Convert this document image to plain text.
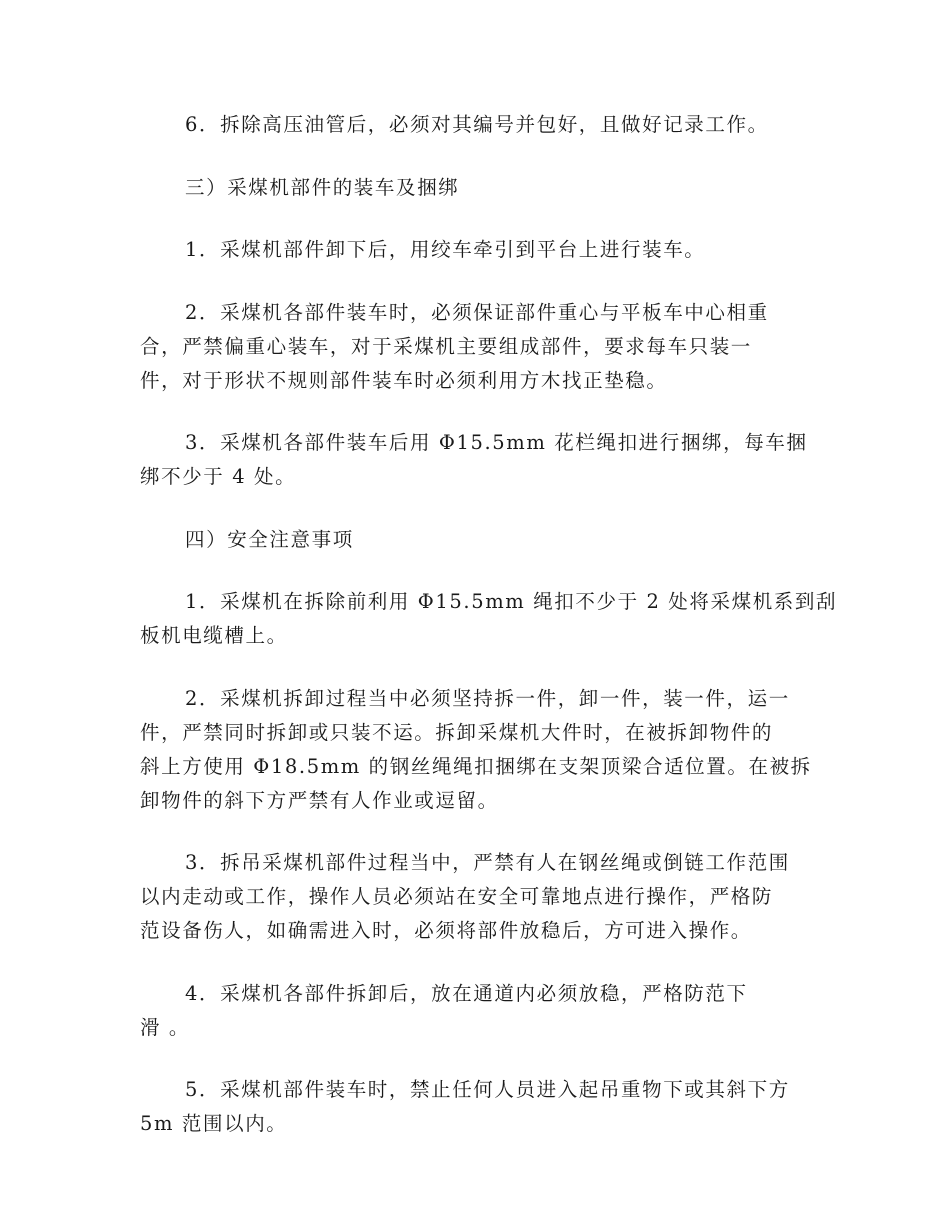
6．拆除高压油管后，必须对其编号并包好，且做好记录工作。
三）采煤机部件的装车及捆绑
1．采煤机部件卸下后，用绞车牵引到平台上进行装车。
2．采煤机各部件装车时，必须保证部件重心与平板车中心相重
合，严禁偏重心装车，对于采煤机主要组成部件，要求每车只装一
件，对于形状不规则部件装车时必须利用方木找正垫稳。
3．采煤机各部件装车后用 Φ15.5mm 花栏绳扣进行捆绑，每车捆
绑不少于 4 处。
四）安全注意事项
1．采煤机在拆除前利用 Φ15.5mm 绳扣不少于 2 处将采煤机系到刮
板机电缆槽上。
2．采煤机拆卸过程当中必须坚持拆一件，卸一件，装一件，运一
件，严禁同时拆卸或只装不运。拆卸采煤机大件时，在被拆卸物件的
斜上方使用 Φ18.5mm 的钢丝绳绳扣捆绑在支架顶梁合适位置。在被拆
卸物件的斜下方严禁有人作业或逗留。
3．拆吊采煤机部件过程当中，严禁有人在钢丝绳或倒链工作范围
以内走动或工作，操作人员必须站在安全可靠地点进行操作，严格防
范设备伤人，如确需进入时，必须将部件放稳后，方可进入操作。
4．采煤机各部件拆卸后，放在通道内必须放稳，严格防范下
滑 。
5．采煤机部件装车时，禁止任何人员进入起吊重物下或其斜下方
5m 范围以内。
